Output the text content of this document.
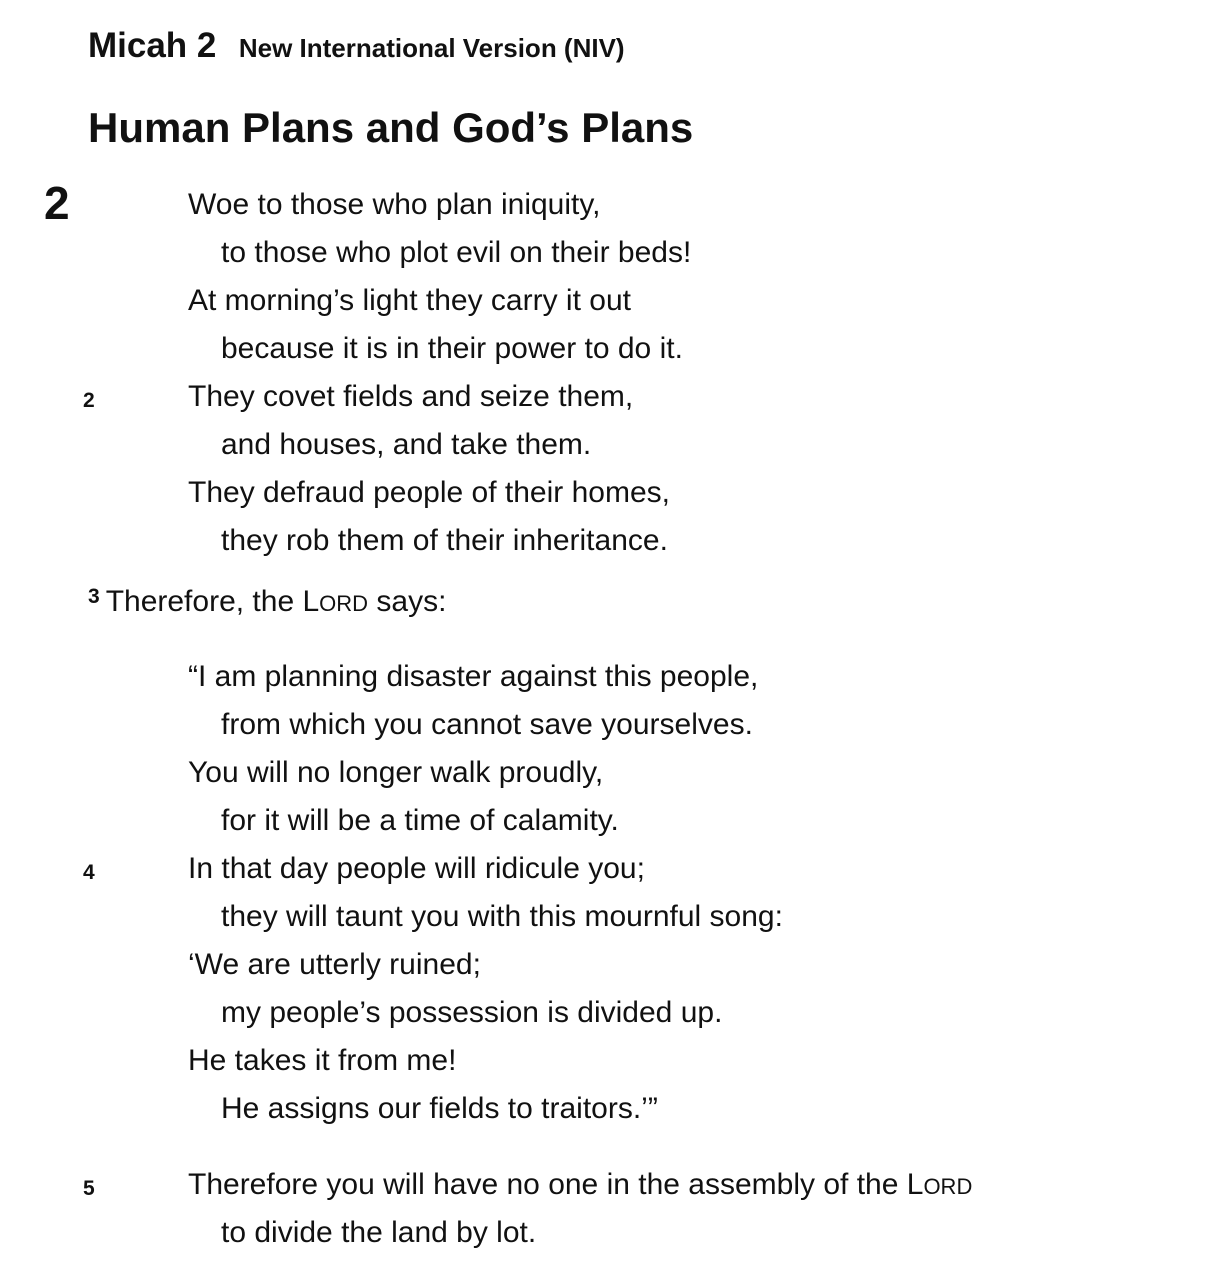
Micah 2 New International Version (NIV)
Human Plans and God’s Plans
2	Woe to those who plan iniquity,
to those who plot evil on their beds!
At morning’s light they carry it out
because it is in their power to do it.
2	They covet fields and seize them,
and houses, and take them.
They defraud people of their homes,
they rob them of their inheritance.
$^3$ Therefore, the LORD says:
“I am planning disaster against this people,
from which you cannot save yourselves.
You will no longer walk proudly,
for it will be a time of calamity.
4	In that day people will ridicule you;
they will taunt you with this mournful song:
‘We are utterly ruined;
my people’s possession is divided up.
He takes it from me!
He assigns our fields to traitors.’”
5	Therefore you will have no one in the assembly of the LORD
to divide the land by lot.
